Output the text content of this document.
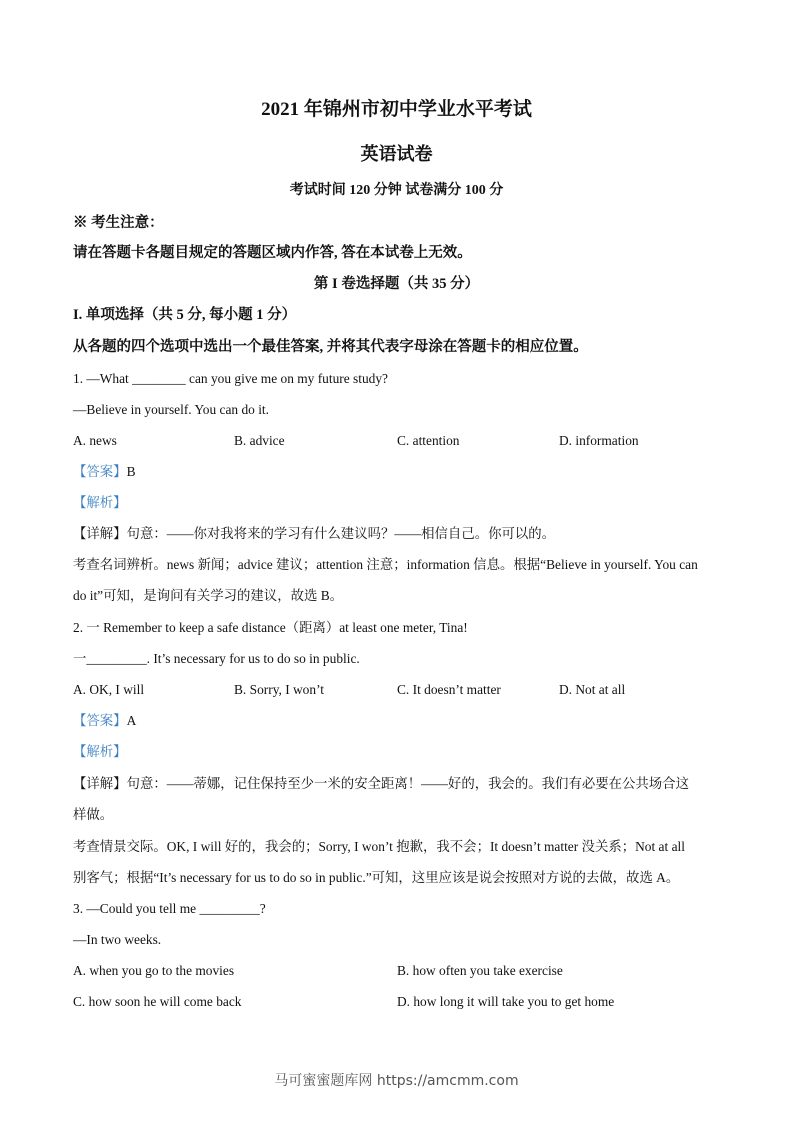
2021 年锦州市初中学业水平考试
英语试卷
考试时间 120 分钟 试卷满分 100 分
※ 考生注意：
请在答题卡各题目规定的答题区域内作答, 答在本试卷上无效。
第 I 卷选择题（共 35 分）
I. 单项选择（共 5 分, 每小题 1 分）
从各题的四个选项中选出一个最佳答案, 并将其代表字母涂在答题卡的相应位置。
1. —What ________ can you give me on my future study?
—Believe in yourself. You can do it.
A. news	B. advice	C. attention	D. information
【答案】B
【解析】
【详解】句意：——你对我将来的学习有什么建议吗？——相信自己。你可以的。
考查名词辨析。news 新闻；advice 建议；attention 注意；information 信息。根据“Believe in yourself. You can
do it”可知，是询问有关学习的建议，故选 B。
2. 一 Remember to keep a safe distance（距离）at least one meter, Tina!
一_________. It’s necessary for us to do so in public.
A. OK, I will	B. Sorry, I won’t	C. It doesn’t matter	D. Not at all
【答案】A
【解析】
【详解】句意：——蒂娜，记住保持至少一米的安全距离！——好的，我会的。我们有必要在公共场合这
样做。
考查情景交际。OK, I will 好的，我会的；Sorry, I won’t 抱歉，我不会；It doesn’t matter 没关系；Not at all
别客气；根据“It’s necessary for us to do so in public.”可知，这里应该是说会按照对方说的去做，故选 A。
3. —Could you tell me _________?
—In two weeks.
A. when you go to the movies	B. how often you take exercise
C. how soon he will come back	D. how long it will take you to get home
马可蜜蜜题库网 https://amcmm.com
